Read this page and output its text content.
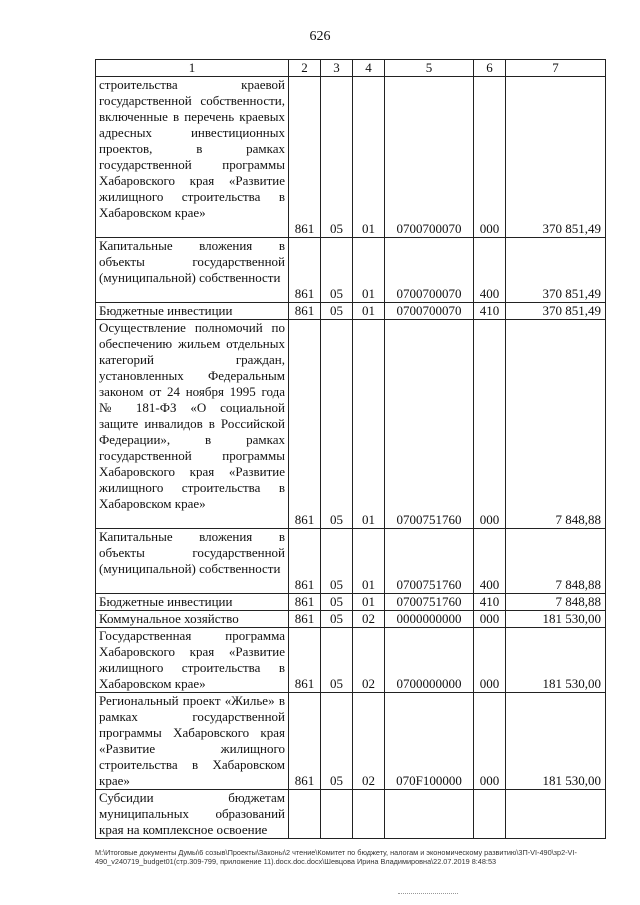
626
1	2	3	4	5	6	7
строительства краевой государственной собственности, включенные в перечень краевых адресных инвестиционных проектов, в рамках государственной программы Хабаровского края «Развитие жилищного строительства в Хабаровском крае»	861	05	01	0700700070	000	370 851,49
Капитальные вложения в объекты государственной (муниципальной) собственности	861	05	01	0700700070	400	370 851,49
Бюджетные инвестиции	861	05	01	0700700070	410	370 851,49
Осуществление полномочий по обеспечению жильем отдельных категорий граждан, установленных Федеральным законом от 24 ноября 1995 года № 181-ФЗ «О социальной защите инвалидов в Российской Федерации», в рамках государственной программы Хабаровского края «Развитие жилищного строительства в Хабаровском крае»	861	05	01	0700751760	000	7 848,88
Капитальные вложения в объекты государственной (муниципальной) собственности	861	05	01	0700751760	400	7 848,88
Бюджетные инвестиции	861	05	01	0700751760	410	7 848,88
Коммунальное хозяйство	861	05	02	0000000000	000	181 530,00
Государственная программа Хабаровского края «Развитие жилищного строительства в Хабаровском крае»	861	05	02	0700000000	000	181 530,00
Региональный проект «Жилье» в рамках государственной программы Хабаровского края «Развитие жилищного строительства в Хабаровском крае»	861	05	02	070F100000	000	181 530,00
Субсидии бюджетам муниципальных образований края на комплексное освоение						
M:\Итоговые документы Думы\6 созыв\Проекты\Законы\2 чтение\Комитет по бюджету, налогам и экономическому развитию\3П-VI-490\зр2-VI-490_v240719_budget01(стр.309-799, приложение 11).docx.doc.docx\Шевцова Ирина Владимировна\22.07.2019 8:48:53
